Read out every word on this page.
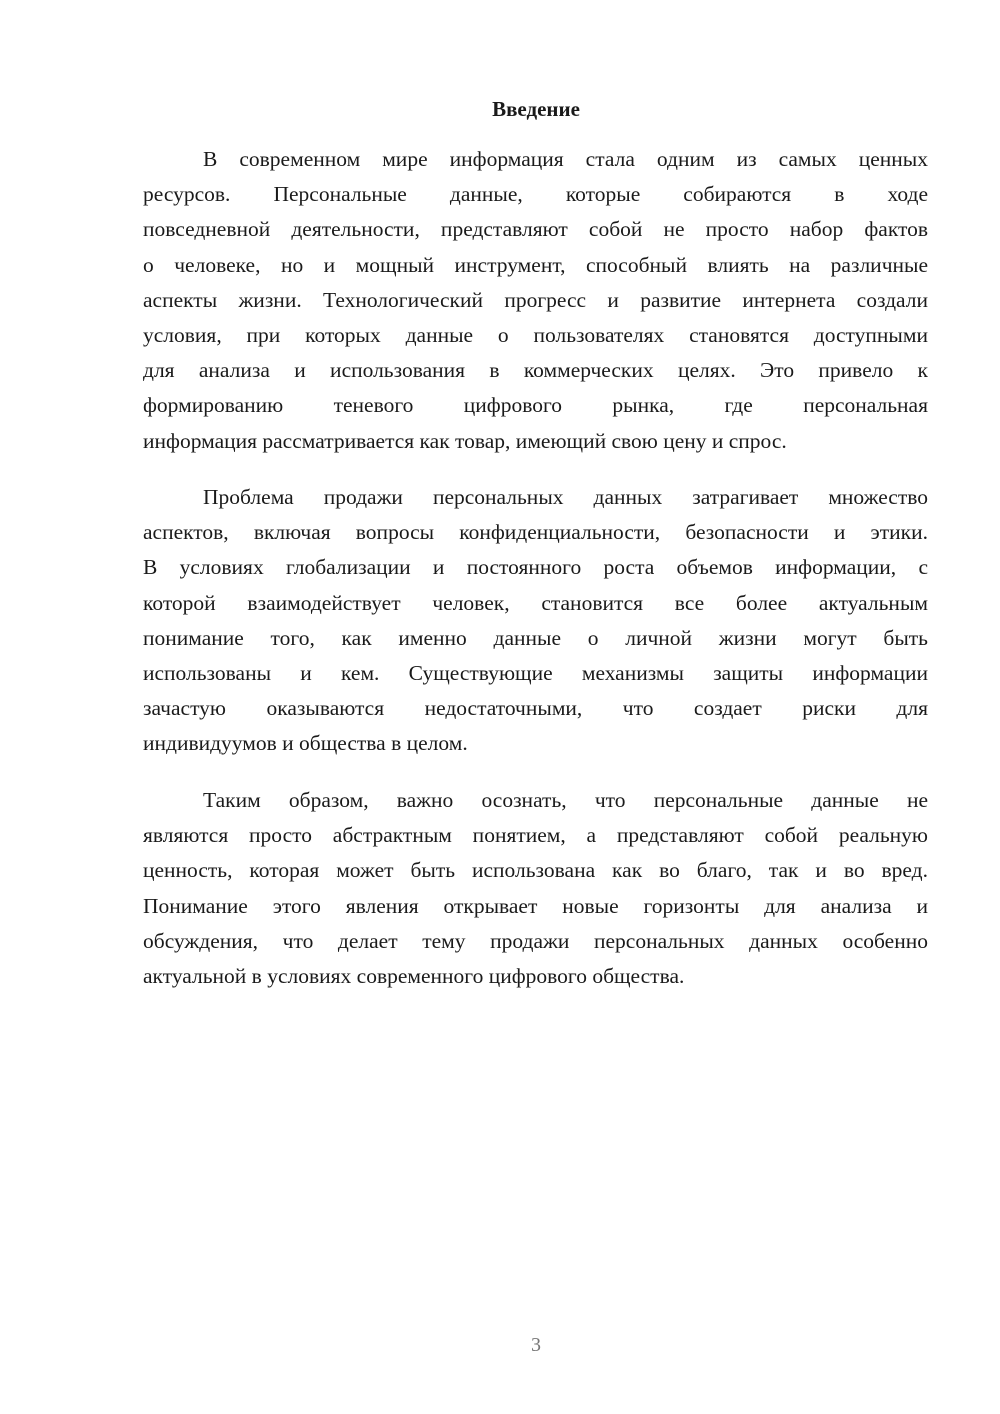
Введение
В современном мире информация стала одним из самых ценных
ресурсов. Персональные данные, которые собираются в ходе
повседневной деятельности, представляют собой не просто набор фактов
о человеке, но и мощный инструмент, способный влиять на различные
аспекты жизни. Технологический прогресс и развитие интернета создали
условия, при которых данные о пользователях становятся доступными
для анализа и использования в коммерческих целях. Это привело к
формированию теневого цифрового рынка, где персональная
информация рассматривается как товар, имеющий свою цену и спрос.
Проблема продажи персональных данных затрагивает множество
аспектов, включая вопросы конфиденциальности, безопасности и этики.
В условиях глобализации и постоянного роста объемов информации, с
которой взаимодействует человек, становится все более актуальным
понимание того, как именно данные о личной жизни могут быть
использованы и кем. Существующие механизмы защиты информации
зачастую оказываются недостаточными, что создает риски для
индивидуумов и общества в целом.
Таким образом, важно осознать, что персональные данные не
являются просто абстрактным понятием, а представляют собой реальную
ценность, которая может быть использована как во благо, так и во вред.
Понимание этого явления открывает новые горизонты для анализа и
обсуждения, что делает тему продажи персональных данных особенно
актуальной в условиях современного цифрового общества.
3
